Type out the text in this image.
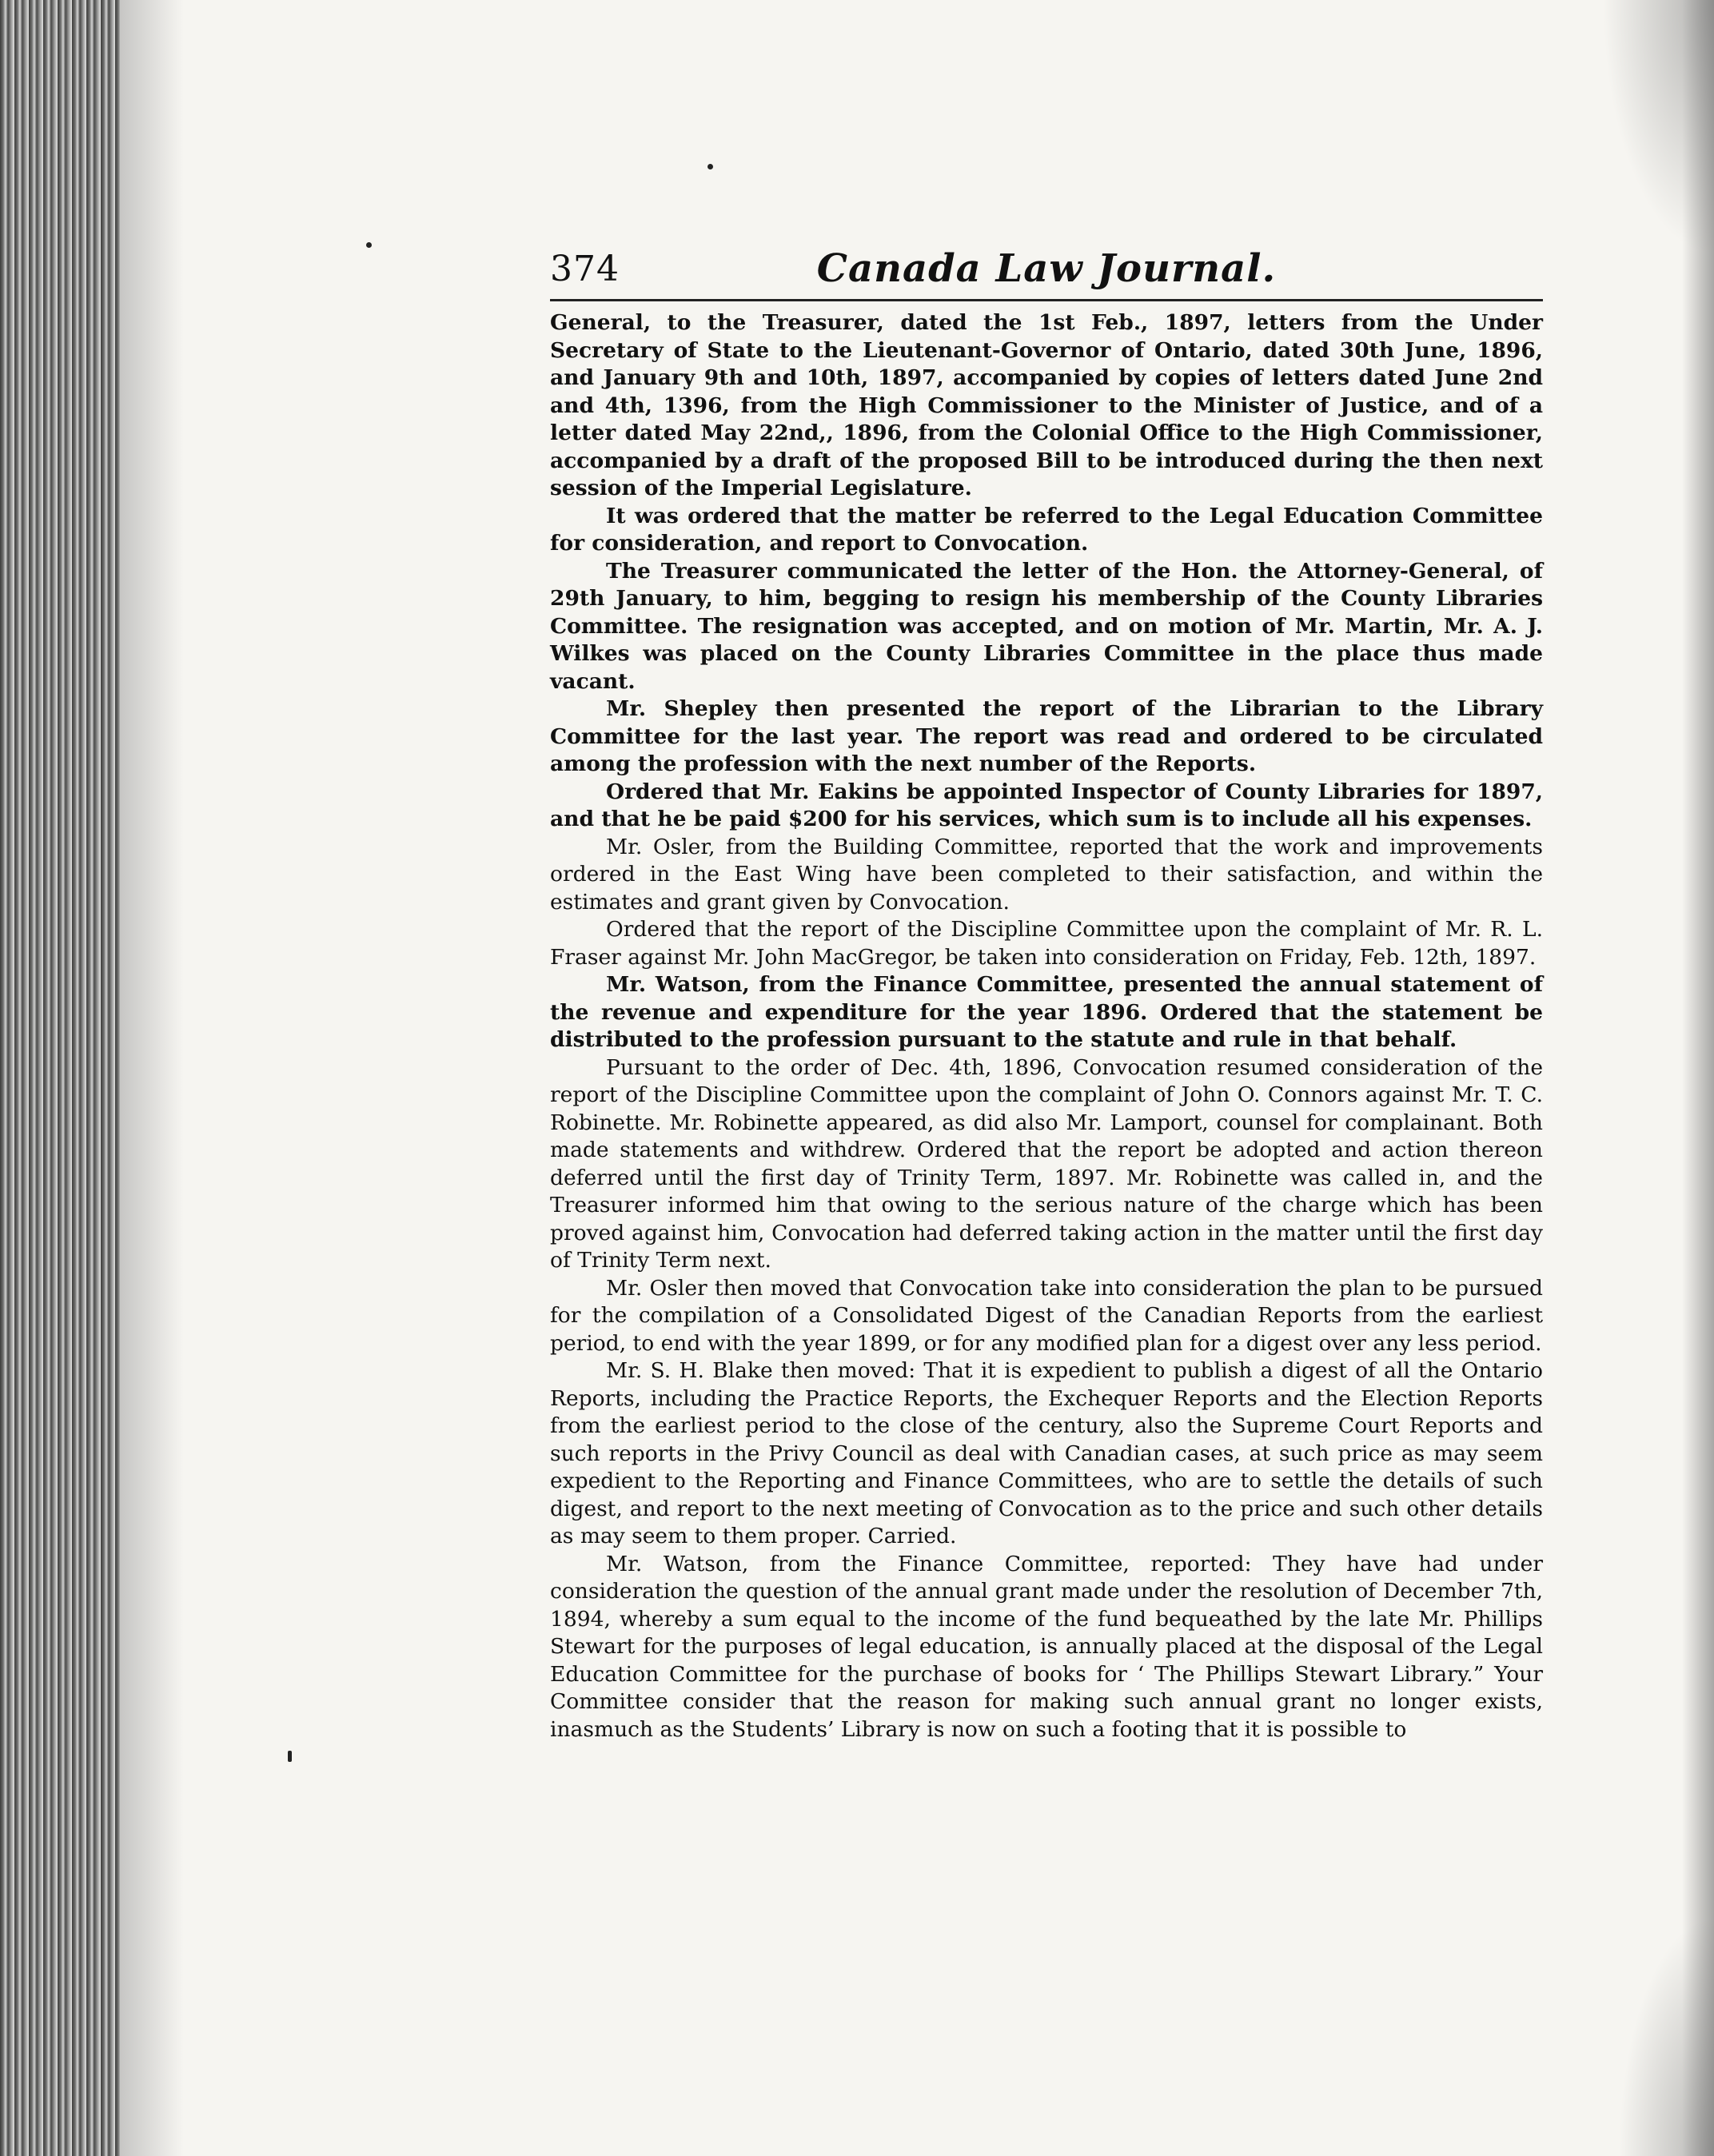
374	Canada Law Journal.

General, to the Treasurer, dated the 1st Feb., 1897, letters from the Under Secretary of State to the Lieutenant-Governor of Ontario, dated 30th June, 1896, and January 9th and 10th, 1897, accompanied by copies of letters dated June 2nd and 4th, 1396, from the High Commissioner to the Minister of Justice, and of a letter dated May 22nd,, 1896, from the Colonial Office to the High Commissioner, accompanied by a draft of the proposed Bill to be introduced during the then next session of the Imperial Legislature.

It was ordered that the matter be referred to the Legal Education Committee for consideration, and report to Convocation.

The Treasurer communicated the letter of the Hon. the Attorney-General, of 29th January, to him, begging to resign his membership of the County Libraries Committee. The resignation was accepted, and on motion of Mr. Martin, Mr. A. J. Wilkes was placed on the County Libraries Committee in the place thus made vacant.

Mr. Shepley then presented the report of the Librarian to the Library Committee for the last year. The report was read and ordered to be circulated among the profession with the next number of the Reports.

Ordered that Mr. Eakins be appointed Inspector of County Libraries for 1897, and that he be paid $200 for his services, which sum is to include all his expenses.

Mr. Osler, from the Building Committee, reported that the work and improvements ordered in the East Wing have been completed to their satisfaction, and within the estimates and grant given by Convocation.

Ordered that the report of the Discipline Committee upon the complaint of Mr. R. L. Fraser against Mr. John MacGregor, be taken into consideration on Friday, Feb. 12th, 1897.

Mr. Watson, from the Finance Committee, presented the annual statement of the revenue and expenditure for the year 1896. Ordered that the statement be distributed to the profession pursuant to the statute and rule in that behalf.

Pursuant to the order of Dec. 4th, 1896, Convocation resumed consideration of the report of the Discipline Committee upon the complaint of John O. Connors against Mr. T. C. Robinette. Mr. Robinette appeared, as did also Mr. Lamport, counsel for complainant. Both made statements and withdrew. Ordered that the report be adopted and action thereon deferred until the first day of Trinity Term, 1897. Mr. Robinette was called in, and the Treasurer informed him that owing to the serious nature of the charge which has been proved against him, Convocation had deferred taking action in the matter until the first day of Trinity Term next.

Mr. Osler then moved that Convocation take into consideration the plan to be pursued for the compilation of a Consolidated Digest of the Canadian Reports from the earliest period, to end with the year 1899, or for any modified plan for a digest over any less period.

Mr. S. H. Blake then moved: That it is expedient to publish a digest of all the Ontario Reports, including the Practice Reports, the Exchequer Reports and the Election Reports from the earliest period to the close of the century, also the Supreme Court Reports and such reports in the Privy Council as deal with Canadian cases, at such price as may seem expedient to the Reporting and Finance Committees, who are to settle the details of such digest, and report to the next meeting of Convocation as to the price and such other details as may seem to them proper. Carried.

Mr. Watson, from the Finance Committee, reported: They have had under consideration the question of the annual grant made under the resolution of December 7th, 1894, whereby a sum equal to the income of the fund bequeathed by the late Mr. Phillips Stewart for the purposes of legal education, is annually placed at the disposal of the Legal Education Committee for the purchase of books for ‘ The Phillips Stewart Library.” Your Committee consider that the reason for making such annual grant no longer exists, inasmuch as the Students’ Library is now on such a footing that it is possible to
